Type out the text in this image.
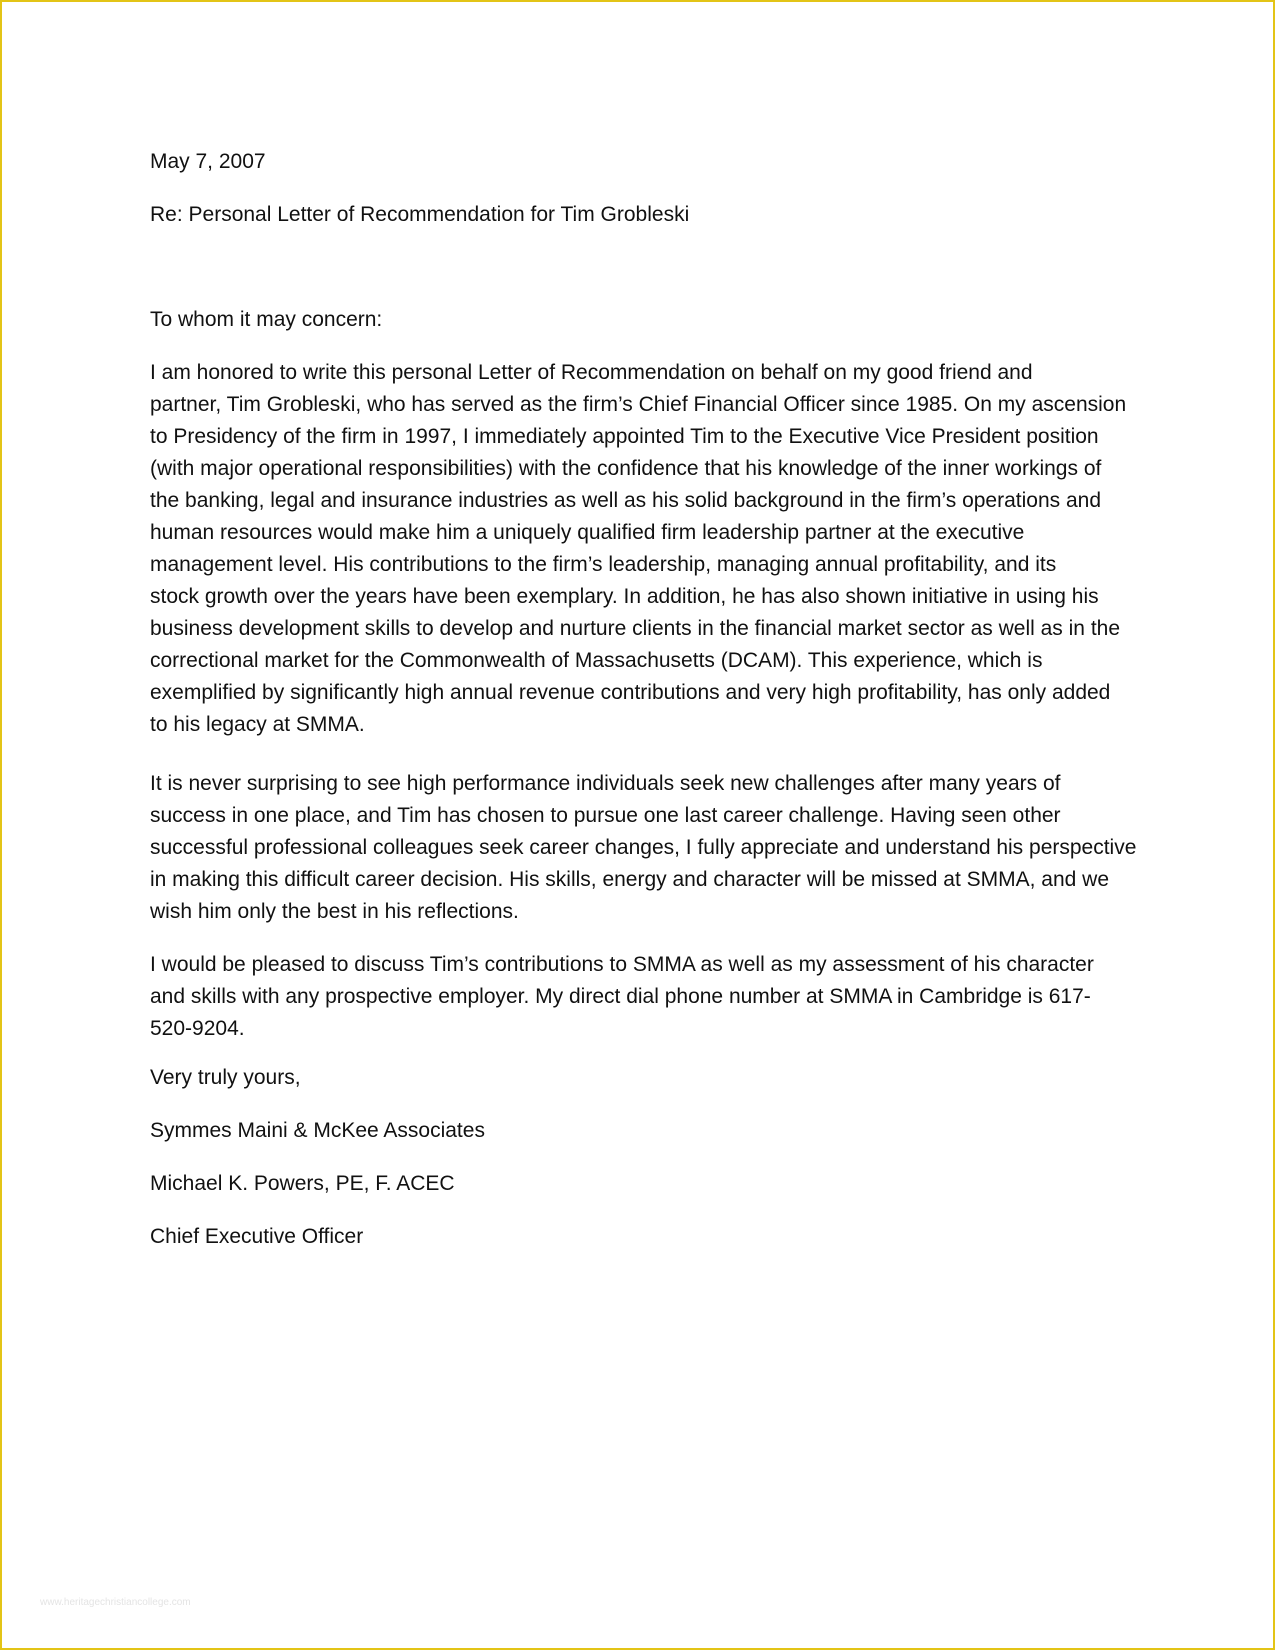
May 7, 2007
Re: Personal Letter of Recommendation for Tim Grobleski
To whom it may concern:
I am honored to write this personal Letter of Recommendation on behalf on my good friend and
partner, Tim Grobleski, who has served as the firm’s Chief Financial Officer since 1985. On my ascension
to Presidency of the firm in 1997, I immediately appointed Tim to the Executive Vice President position
(with major operational responsibilities) with the confidence that his knowledge of the inner workings of
the banking, legal and insurance industries as well as his solid background in the firm’s operations and
human resources would make him a uniquely qualified firm leadership partner at the executive
management level. His contributions to the firm’s leadership, managing annual profitability, and its
stock growth over the years have been exemplary. In addition, he has also shown initiative in using his
business development skills to develop and nurture clients in the financial market sector as well as in the
correctional market for the Commonwealth of Massachusetts (DCAM). This experience, which is
exemplified by significantly high annual revenue contributions and very high profitability, has only added
to his legacy at SMMA.
It is never surprising to see high performance individuals seek new challenges after many years of
success in one place, and Tim has chosen to pursue one last career challenge. Having seen other
successful professional colleagues seek career changes, I fully appreciate and understand his perspective
in making this difficult career decision. His skills, energy and character will be missed at SMMA, and we
wish him only the best in his reflections.
I would be pleased to discuss Tim’s contributions to SMMA as well as my assessment of his character
and skills with any prospective employer. My direct dial phone number at SMMA in Cambridge is 617-
520-9204.
Very truly yours,
Symmes Maini & McKee Associates
Michael K. Powers, PE, F. ACEC
Chief Executive Officer
www.heritagechristiancollege.com
